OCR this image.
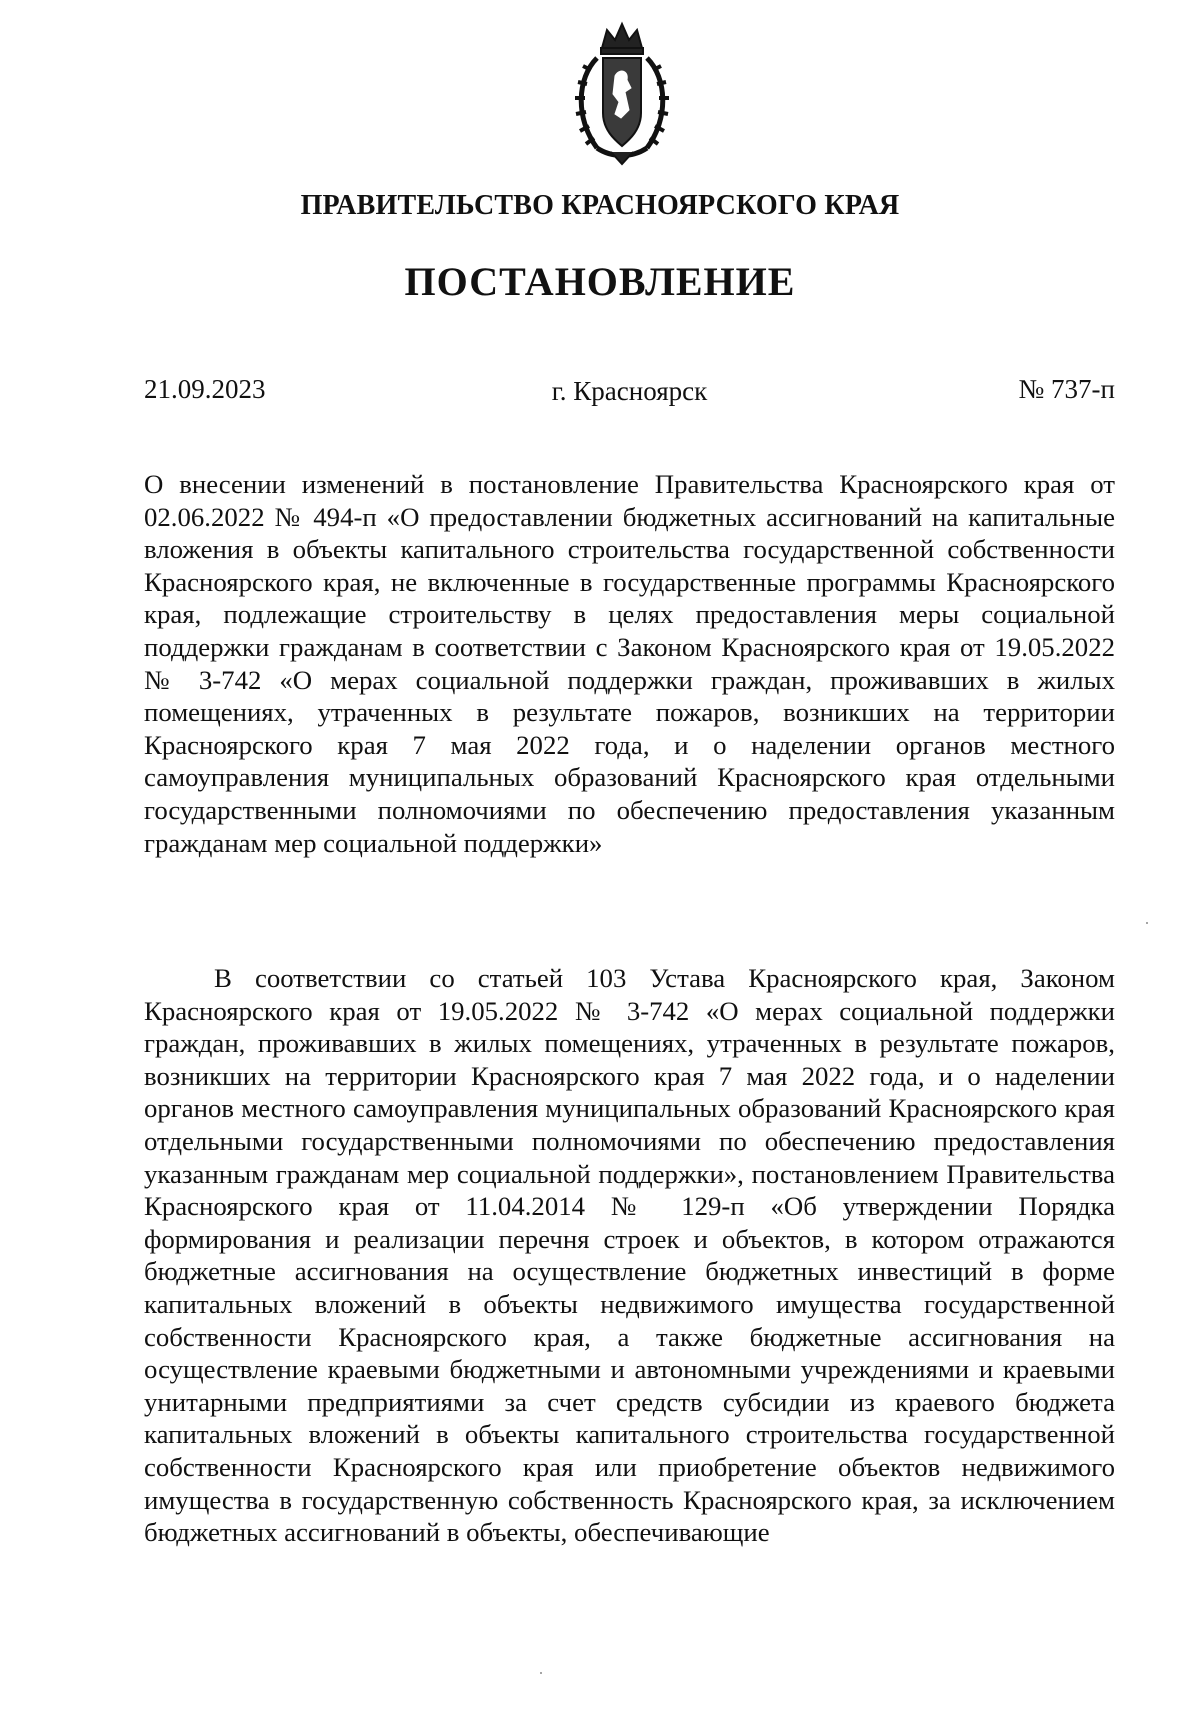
ПРАВИТЕЛЬСТВО КРАСНОЯРСКОГО КРАЯ
ПОСТАНОВЛЕНИЕ
21.09.2023	г. Красноярск	№ 737-п

О внесении изменений в постановление Правительства Красноярского края от 02.06.2022 № 494-п «О предоставлении бюджетных ассигнований на капитальные вложения в объекты капитального строительства государственной собственности Красноярского края, не включенные в государственные программы Красноярского края, подлежащие строительству в целях предоставления меры социальной поддержки гражданам в соответствии с Законом Красноярского края от 19.05.2022 № 3-742 «О мерах социальной поддержки граждан, проживавших в жилых помещениях, утраченных в результате пожаров, возникших на территории Красноярского края 7 мая 2022 года, и о наделении органов местного самоуправления муниципальных образований Красноярского края отдельными государственными полномочиями по обеспечению предоставления указанным гражданам мер социальной поддержки»

В соответствии со статьей 103 Устава Красноярского края, Законом Красноярского края от 19.05.2022 № 3-742 «О мерах социальной поддержки граждан, проживавших в жилых помещениях, утраченных в результате пожаров, возникших на территории Красноярского края 7 мая 2022 года, и о наделении органов местного самоуправления муниципальных образований Красноярского края отдельными государственными полномочиями по обеспечению предоставления указанным гражданам мер социальной поддержки», постановлением Правительства Красноярского края от 11.04.2014 № 129-п «Об утверждении Порядка формирования и реализации перечня строек и объектов, в котором отражаются бюджетные ассигнования на осуществление бюджетных инвестиций в форме капитальных вложений в объекты недвижимого имущества государственной собственности Красноярского края, а также бюджетные ассигнования на осуществление краевыми бюджетными и автономными учреждениями и краевыми унитарными предприятиями за счет средств субсидии из краевого бюджета капитальных вложений в объекты капитального строительства государственной собственности Красноярского края или приобретение объектов недвижимого имущества в государственную собственность Красноярского края, за исключением бюджетных ассигнований в объекты, обеспечивающие
